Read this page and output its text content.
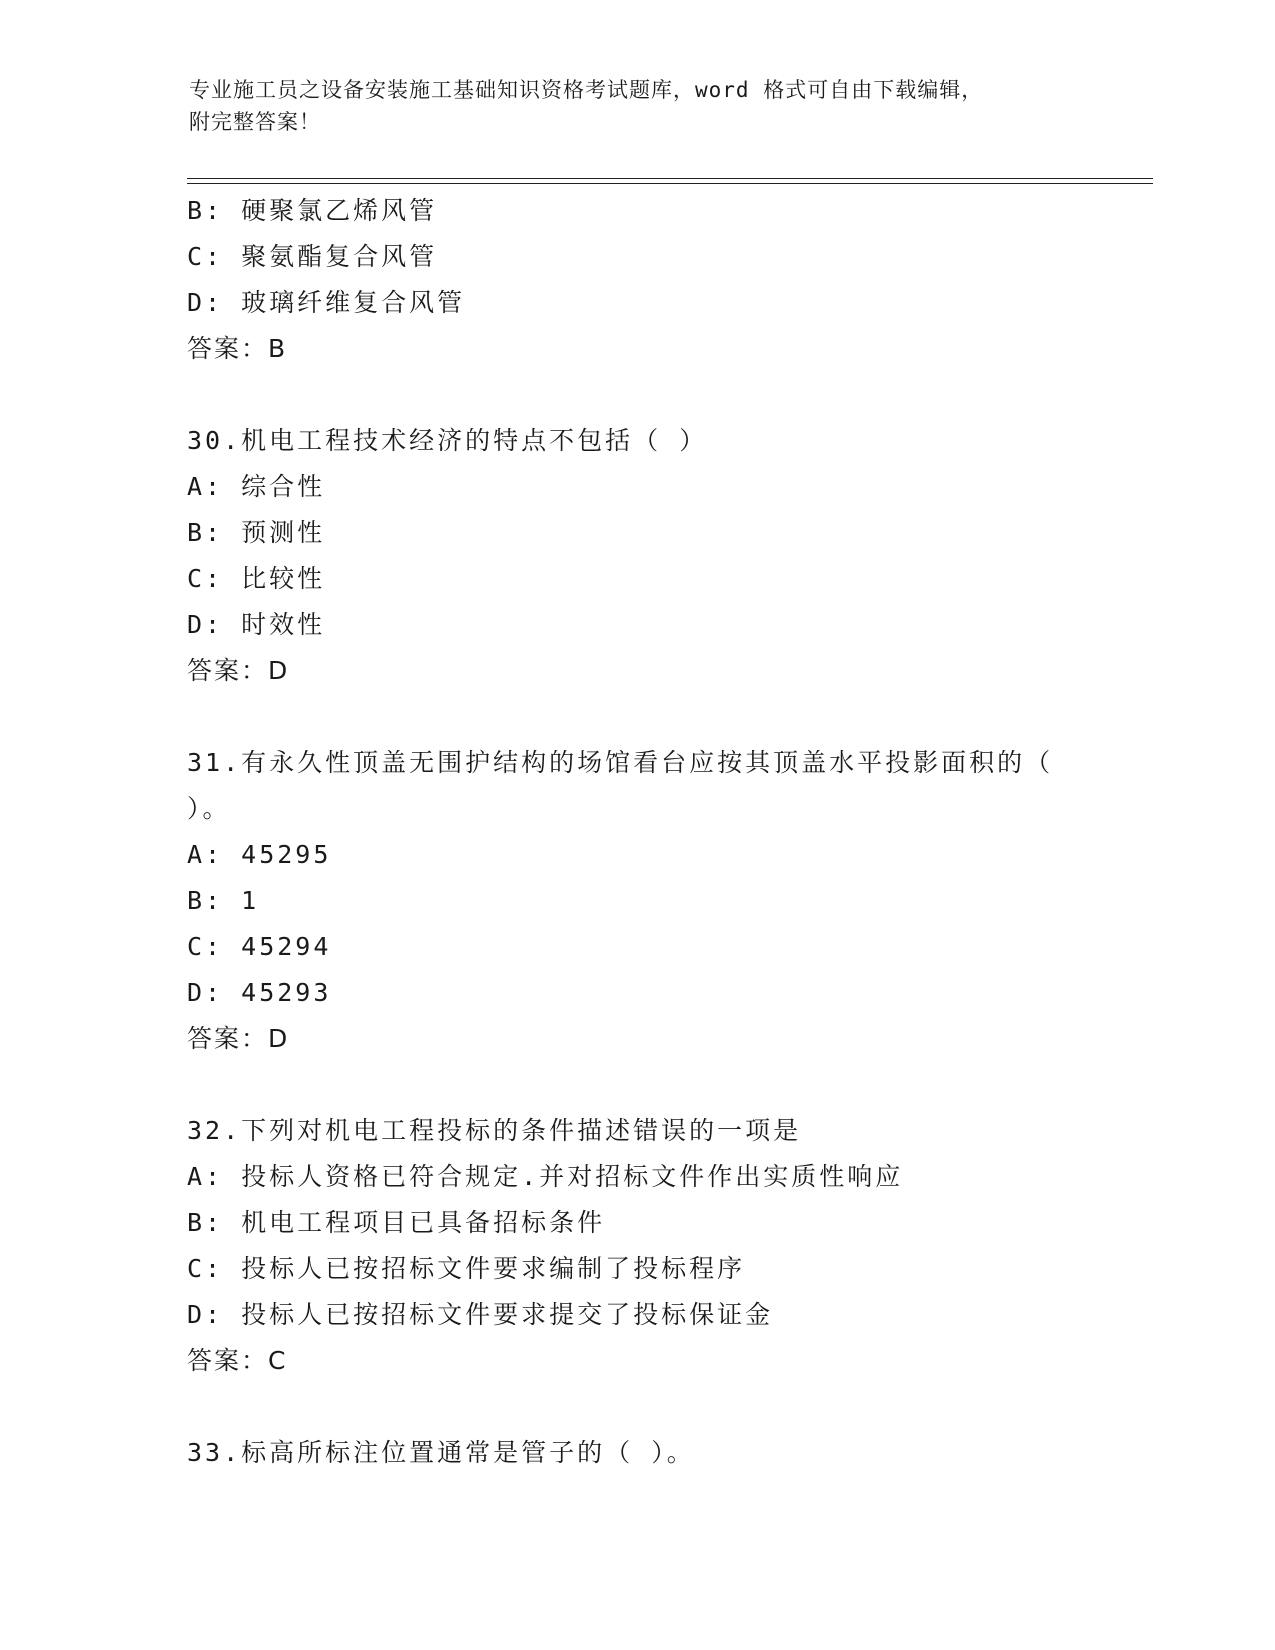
专业施工员之设备安装施工基础知识资格考试题库，word 格式可自由下载编辑，
附完整答案！
B: 硬聚氯乙烯风管
C: 聚氨酯复合风管
D: 玻璃纤维复合风管
答案：B
30.机电工程技术经济的特点不包括（ ）
A: 综合性
B: 预测性
C: 比较性
D: 时效性
答案：D
31.有永久性顶盖无围护结构的场馆看台应按其顶盖水平投影面积的（
）。
A: 45295
B: 1
C: 45294
D: 45293
答案：D
32.下列对机电工程投标的条件描述错误的一项是
A: 投标人资格已符合规定.并对招标文件作出实质性响应
B: 机电工程项目已具备招标条件
C: 投标人已按招标文件要求编制了投标程序
D: 投标人已按招标文件要求提交了投标保证金
答案：C
33.标高所标注位置通常是管子的（ ）。
